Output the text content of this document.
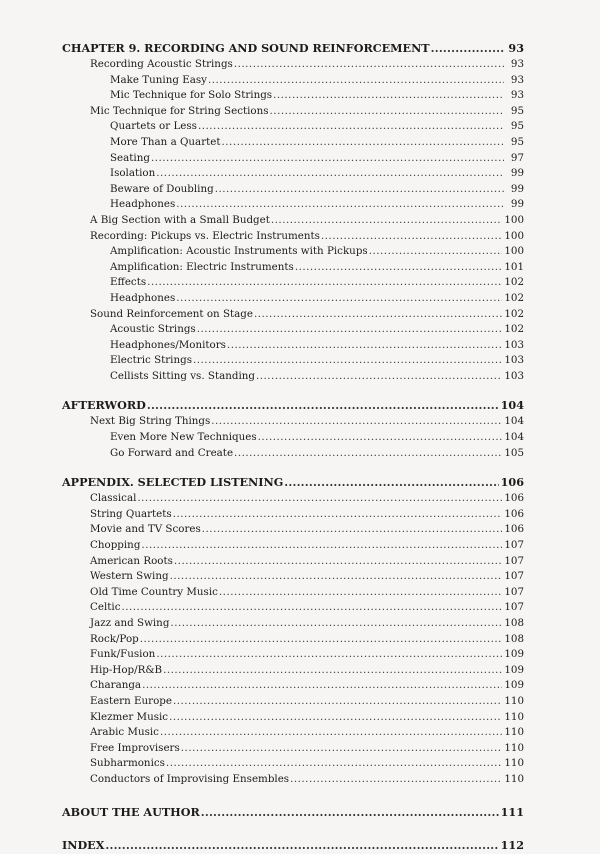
CHAPTER 9. RECORDING AND SOUND REINFORCEMENT .....	93
Recording Acoustic Strings .....	93
Make Tuning Easy .....	93
Mic Technique for Solo Strings .....	93
Mic Technique for String Sections .....	95
Quartets or Less .....	95
More Than a Quartet .....	95
Seating .....	97
Isolation .....	99
Beware of Doubling .....	99
Headphones .....	99
A Big Section with a Small Budget .....	100
Recording: Pickups vs. Electric Instruments .....	100
Amplification: Acoustic Instruments with Pickups .....	100
Amplification: Electric Instruments .....	101
Effects .....	102
Headphones .....	102
Sound Reinforcement on Stage .....	102
Acoustic Strings .....	102
Headphones/Monitors .....	103
Electric Strings .....	103
Cellists Sitting vs. Standing .....	103
AFTERWORD .....	104
Next Big String Things .....	104
Even More New Techniques .....	104
Go Forward and Create .....	105
APPENDIX. SELECTED LISTENING .....	106
Classical .....	106
String Quartets .....	106
Movie and TV Scores .....	106
Chopping .....	107
American Roots .....	107
Western Swing .....	107
Old Time Country Music .....	107
Celtic .....	107
Jazz and Swing .....	108
Rock/Pop .....	108
Funk/Fusion .....	109
Hip-Hop/R&B .....	109
Charanga .....	109
Eastern Europe .....	110
Klezmer Music .....	110
Arabic Music .....	110
Free Improvisers .....	110
Subharmonics .....	110
Conductors of Improvising Ensembles .....	110
ABOUT THE AUTHOR .....	111
INDEX .....	112
